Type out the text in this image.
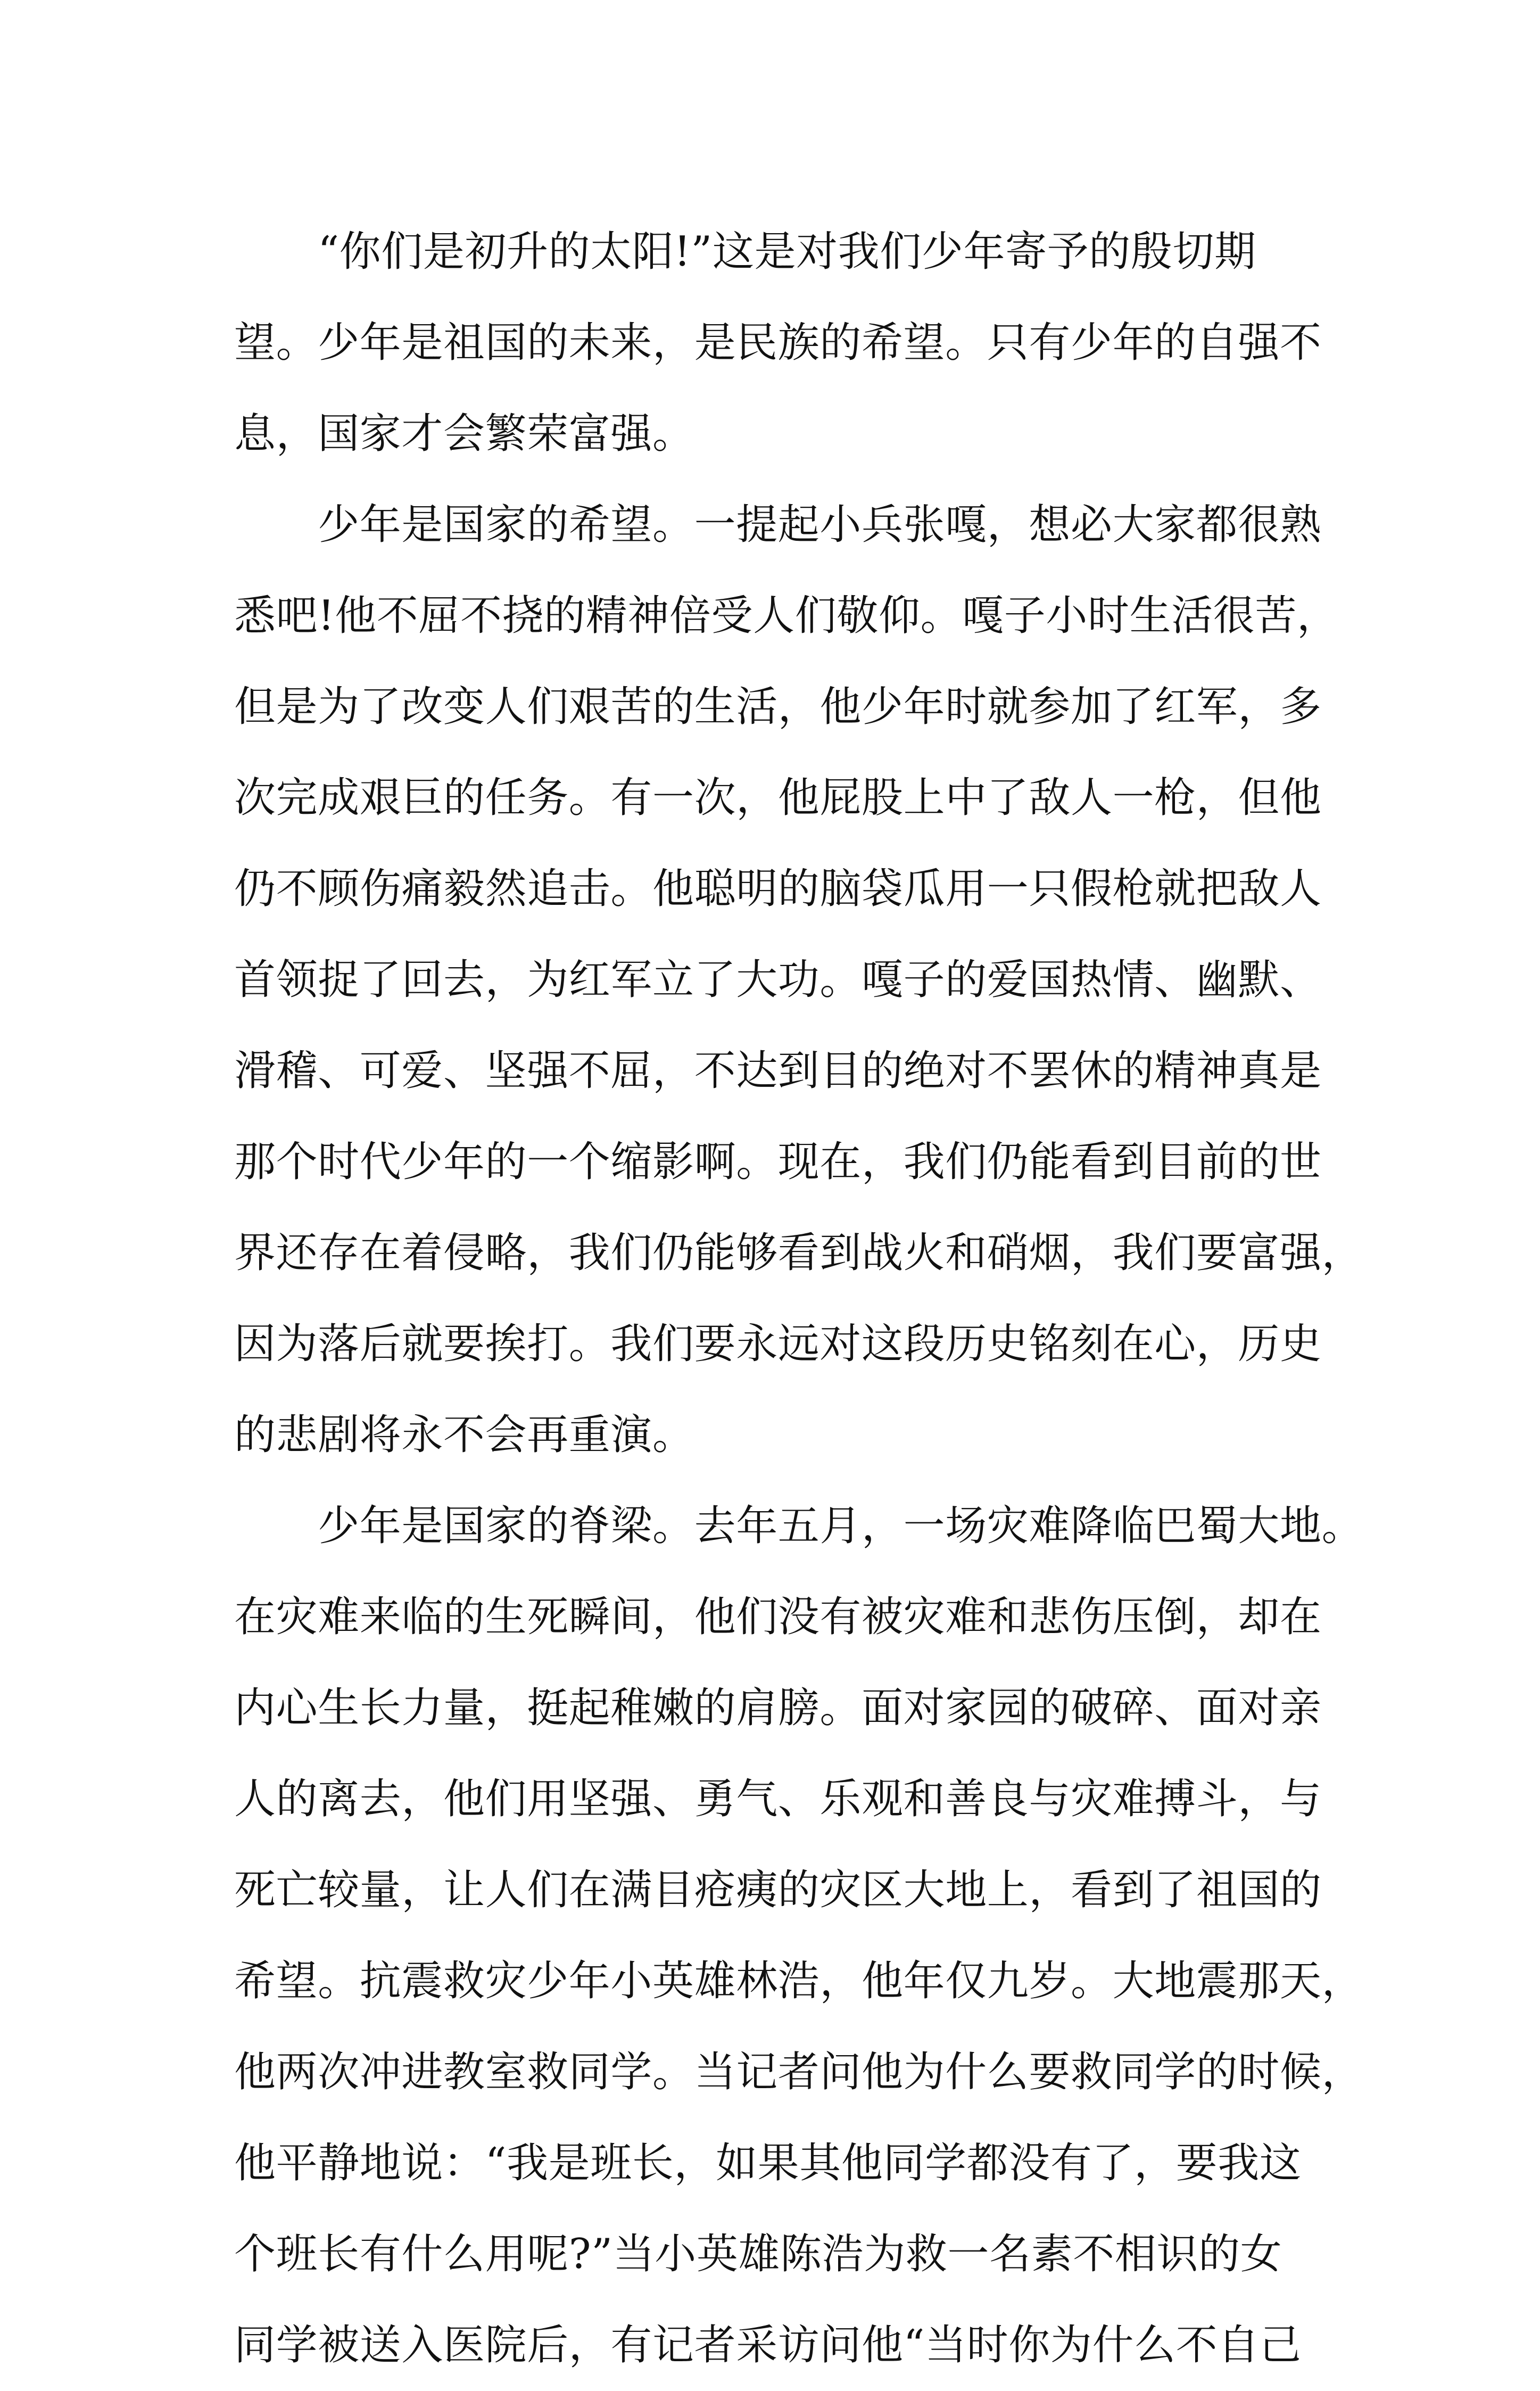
　　“你们是初升的太阳!”这是对我们少年寄予的殷切期
望。少年是祖国的未来，是民族的希望。只有少年的自强不
息，国家才会繁荣富强。
　　少年是国家的希望。一提起小兵张嘎，想必大家都很熟
悉吧!他不屈不挠的精神倍受人们敬仰。嘎子小时生活很苦，
但是为了改变人们艰苦的生活，他少年时就参加了红军，多
次完成艰巨的任务。有一次，他屁股上中了敌人一枪，但他
仍不顾伤痛毅然追击。他聪明的脑袋瓜用一只假枪就把敌人
首领捉了回去，为红军立了大功。嘎子的爱国热情、幽默、
滑稽、可爱、坚强不屈，不达到目的绝对不罢休的精神真是
那个时代少年的一个缩影啊。现在，我们仍能看到目前的世
界还存在着侵略，我们仍能够看到战火和硝烟，我们要富强，
因为落后就要挨打。我们要永远对这段历史铭刻在心，历史
的悲剧将永不会再重演。
　　少年是国家的脊梁。去年五月，一场灾难降临巴蜀大地。
在灾难来临的生死瞬间，他们没有被灾难和悲伤压倒，却在
内心生长力量，挺起稚嫩的肩膀。面对家园的破碎、面对亲
人的离去，他们用坚强、勇气、乐观和善良与灾难搏斗，与
死亡较量，让人们在满目疮痍的灾区大地上，看到了祖国的
希望。抗震救灾少年小英雄林浩，他年仅九岁。大地震那天，
他两次冲进教室救同学。当记者问他为什么要救同学的时候，
他平静地说：“我是班长，如果其他同学都没有了，要我这
个班长有什么用呢?”当小英雄陈浩为救一名素不相识的女
同学被送入医院后，有记者采访问他“当时你为什么不自己
